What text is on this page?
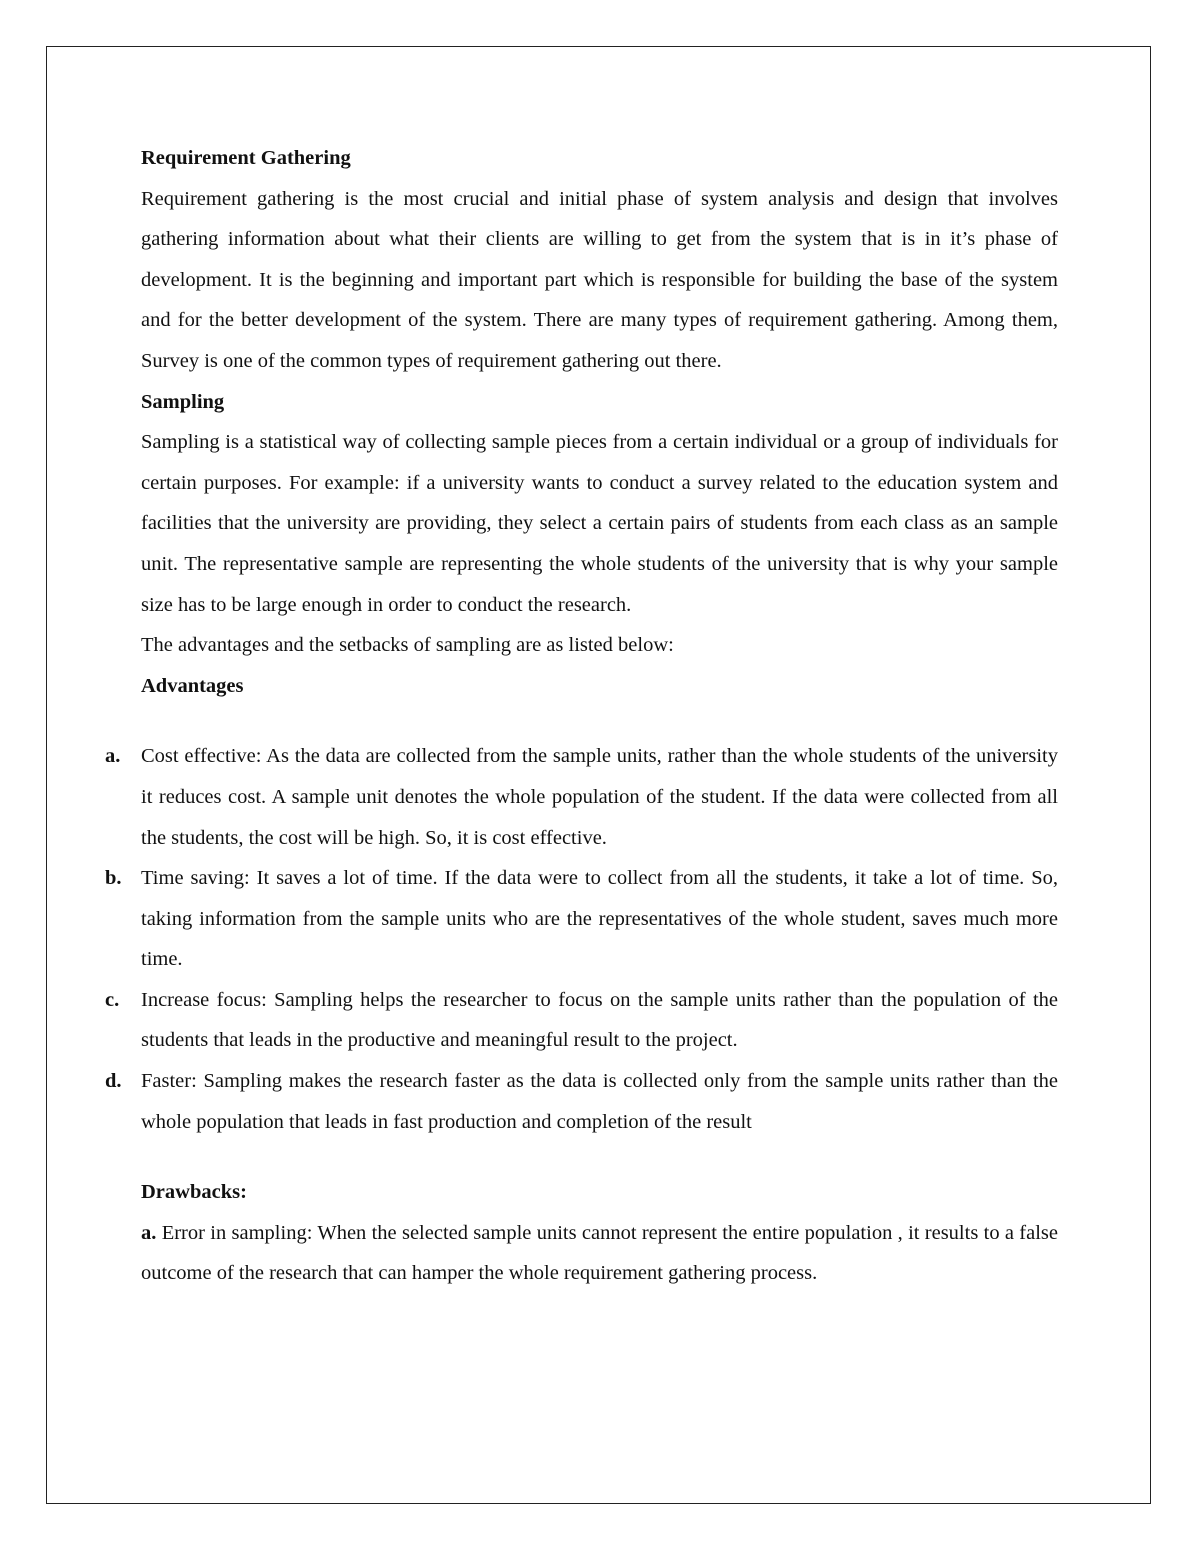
Requirement Gathering

Requirement gathering is the most crucial and initial phase of system analysis and design that involves gathering information about what their clients are willing to get from the system that is in it’s phase of development. It is the beginning and important part which is responsible for building the base of the system and for the better development of the system. There are many types of requirement gathering. Among them, Survey is one of the common types of requirement gathering out there.

Sampling

Sampling is a statistical way of collecting sample pieces from a certain individual or a group of individuals for certain purposes. For example: if a university wants to conduct a survey related to the education system and facilities that the university are providing, they select a certain pairs of students from each class as an sample unit. The representative sample are representing the whole students of the university that is why your sample size has to be large enough in order to conduct the research.

The advantages and the setbacks of sampling are as listed below:

Advantages

a. Cost effective: As the data are collected from the sample units, rather than the whole students of the university it reduces cost. A sample unit denotes the whole population of the student. If the data were collected from all the students, the cost will be high. So, it is cost effective.
b. Time saving: It saves a lot of time. If the data were to collect from all the students, it take a lot of time. So, taking information from the sample units who are the representatives of the whole student, saves much more time.
c. Increase focus: Sampling helps the researcher to focus on the sample units rather than the population of the students that leads in the productive and meaningful result to the project.
d. Faster: Sampling makes the research faster as the data is collected only from the sample units rather than the whole population that leads in fast production and completion of the result

Drawbacks:

a. Error in sampling: When the selected sample units cannot represent the entire population , it results to a false outcome of the research that can hamper the whole requirement gathering process.
